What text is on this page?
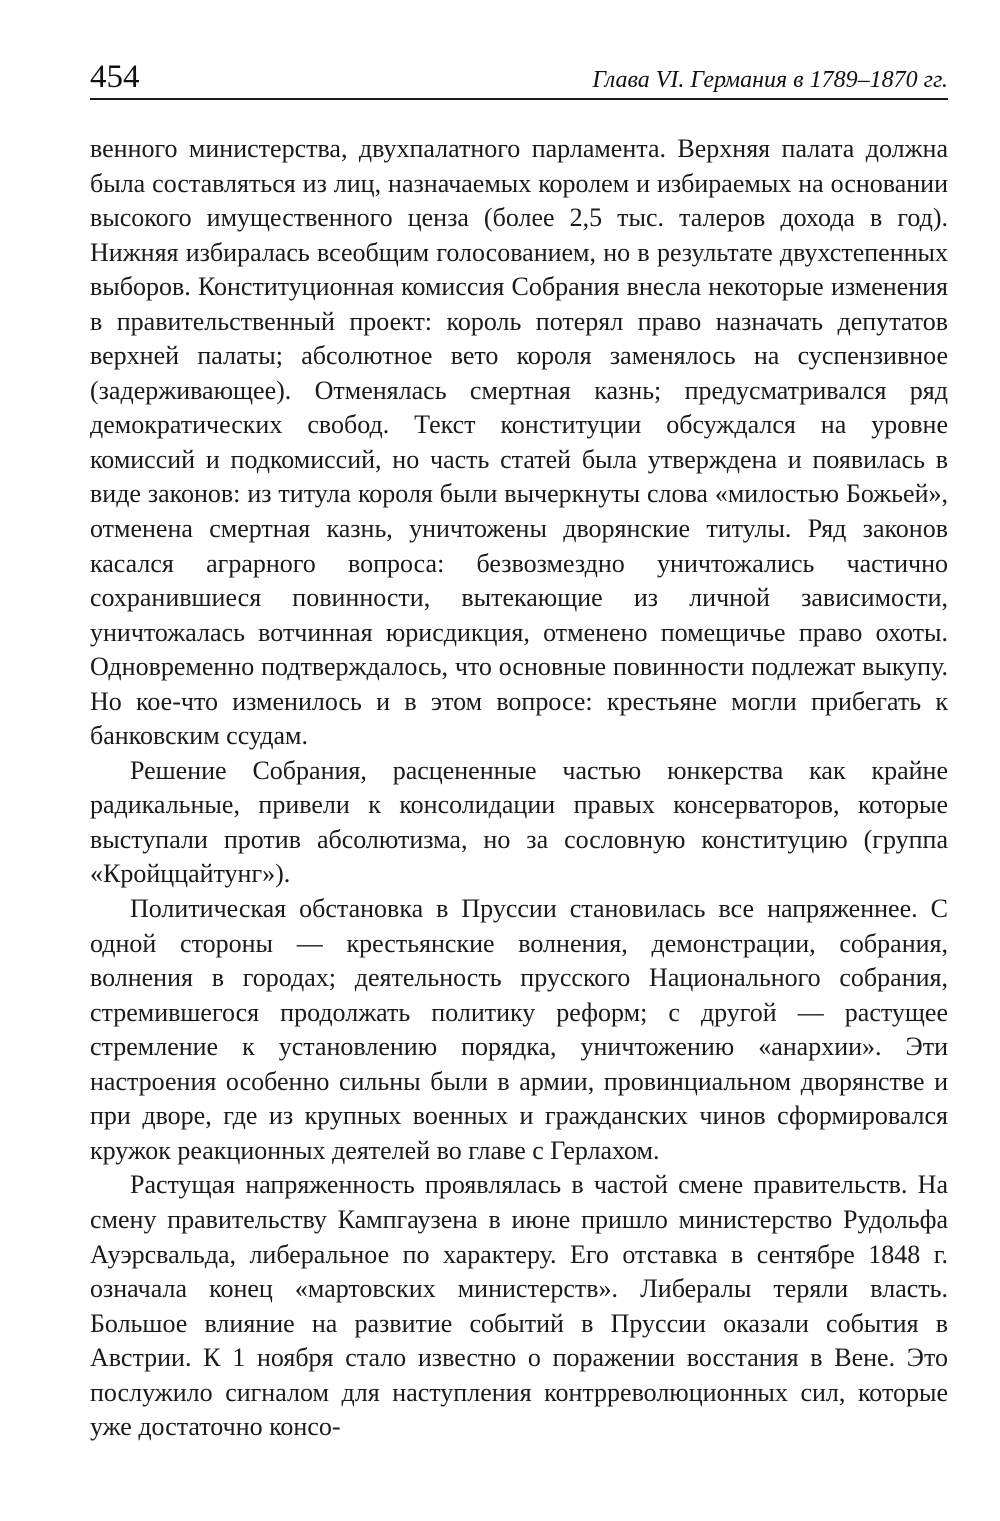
454	Глава VI. Германия в 1789–1870 гг.

венного министерства, двухпалатного парламента. Верхняя палата должна была составляться из лиц, назначаемых королем и избираемых на основании высокого имущественного ценза (более 2,5 тыс. талеров дохода в год). Нижняя избиралась всеобщим голосованием, но в результате двухстепенных выборов. Конституционная комиссия Собрания внесла некоторые изменения в правительственный проект: король потерял право назначать депутатов верхней палаты; абсолютное вето короля заменялось на суспензивное (задерживающее). Отменялась смертная казнь; предусматривался ряд демократических свобод. Текст конституции обсуждался на уровне комиссий и подкомиссий, но часть статей была утверждена и появилась в виде законов: из титула короля были вычеркнуты слова «милостью Божьей», отменена смертная казнь, уничтожены дворянские титулы. Ряд законов касался аграрного вопроса: безвозмездно уничтожались частично сохранившиеся повинности, вытекающие из личной зависимости, уничтожалась вотчинная юрисдикция, отменено помещичье право охоты. Одновременно подтверждалось, что основные повинности подлежат выкупу. Но кое-что изменилось и в этом вопросе: крестьяне могли прибегать к банковским ссудам.

Решение Собрания, расцененные частью юнкерства как крайне радикальные, привели к консолидации правых консерваторов, которые выступали против абсолютизма, но за сословную конституцию (группа «Кройццайтунг»).

Политическая обстановка в Пруссии становилась все напряженнее. С одной стороны — крестьянские волнения, демонстрации, собрания, волнения в городах; деятельность прусского Национального собрания, стремившегося продолжать политику реформ; с другой — растущее стремление к установлению порядка, уничтожению «анархии». Эти настроения особенно сильны были в армии, провинциальном дворянстве и при дворе, где из крупных военных и гражданских чинов сформировался кружок реакционных деятелей во главе с Герлахом.

Растущая напряженность проявлялась в частой смене правительств. На смену правительству Кампгаузена в июне пришло министерство Рудольфа Ауэрсвальда, либеральное по характеру. Его отставка в сентябре 1848 г. означала конец «мартовских министерств». Либералы теряли власть. Большое влияние на развитие событий в Пруссии оказали события в Австрии. К 1 ноября стало известно о поражении восстания в Вене. Это послужило сигналом для наступления контрреволюционных сил, которые уже достаточно консо-
